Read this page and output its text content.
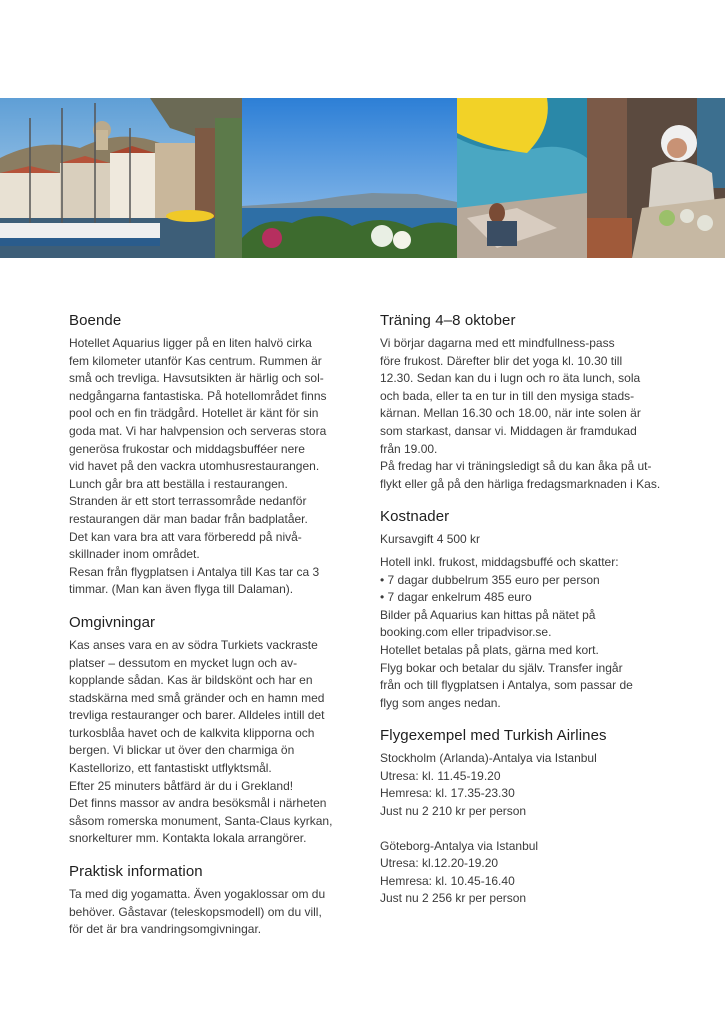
Boende

Hotellet Aquarius ligger på en liten halvö cirka

fem kilometer utanför Kas centrum. Rummen är

små och trevliga. Havsutsikten är härlig och sol-

nedgångarna fantastiska. På hotellområdet finns

pool och en fin trädgård. Hotellet är känt för sin

goda mat. Vi har halvpension och serveras stora

generösa frukostar och middagsbufféer nere

vid havet på den vackra utomhusrestaurangen.

Lunch går bra att beställa i restaurangen.

Stranden är ett stort terrassområde nedanför

restaurangen där man badar från badplatåer.

Det kan vara bra att vara förberedd på nivå-

skillnader inom området.

Resan från flygplatsen i Antalya till Kas tar ca 3

timmar. (Man kan även flyga till Dalaman).

Omgivningar

Kas anses vara en av södra Turkiets vackraste

platser – dessutom en mycket lugn och av-

kopplande sådan. Kas är bildskönt och har en

stadskärna med små gränder och en hamn med

trevliga restauranger och barer. Alldeles intill det

turkosblåa havet och de kalkvita klipporna och

bergen. Vi blickar ut över den charmiga ön

Kastellorizo, ett fantastiskt utflyktsmål.

Efter 25 minuters båtfärd är du i Grekland!

Det finns massor av andra besöksmål i närheten

såsom romerska monument, Santa-Claus kyrkan,

snorkelturer mm. Kontakta lokala arrangörer.

Praktisk information

Ta med dig yogamatta. Även yogaklossar om du

behöver. Gåstavar (teleskopsmodell) om du vill,

för det är bra vandringsomgivningar.

Träning 4–8 oktober

Vi börjar dagarna med ett mindfullness-pass

före frukost. Därefter blir det yoga kl. 10.30 till

12.30. Sedan kan du i lugn och ro äta lunch, sola

och bada, eller ta en tur in till den mysiga stads-

kärnan. Mellan 16.30 och 18.00, när inte solen är

som starkast, dansar vi. Middagen är framdukad

från 19.00.

På fredag har vi träningsledigt så du kan åka på ut-

flykt eller gå på den härliga fredagsmarknaden i Kas.

Kostnader

Kursavgift 4 500 kr

Hotell inkl. frukost, middagsbuffé och skatter:

• 7 dagar dubbelrum 355 euro per person

• 7 dagar enkelrum 485 euro

Bilder på Aquarius kan hittas på nätet på

booking.com eller tripadvisor.se.

Hotellet betalas på plats, gärna med kort.

Flyg bokar och betalar du själv. Transfer ingår

från och till flygplatsen i Antalya, som passar de

flyg som anges nedan.

Flygexempel med Turkish Airlines

Stockholm (Arlanda)-Antalya via Istanbul

Utresa: kl. 11.45-19.20

Hemresa: kl. 17.35-23.30

Just nu 2 210 kr per person

Göteborg-Antalya via Istanbul

Utresa: kl.12.20-19.20

Hemresa: kl. 10.45-16.40

Just nu 2 256 kr per person
